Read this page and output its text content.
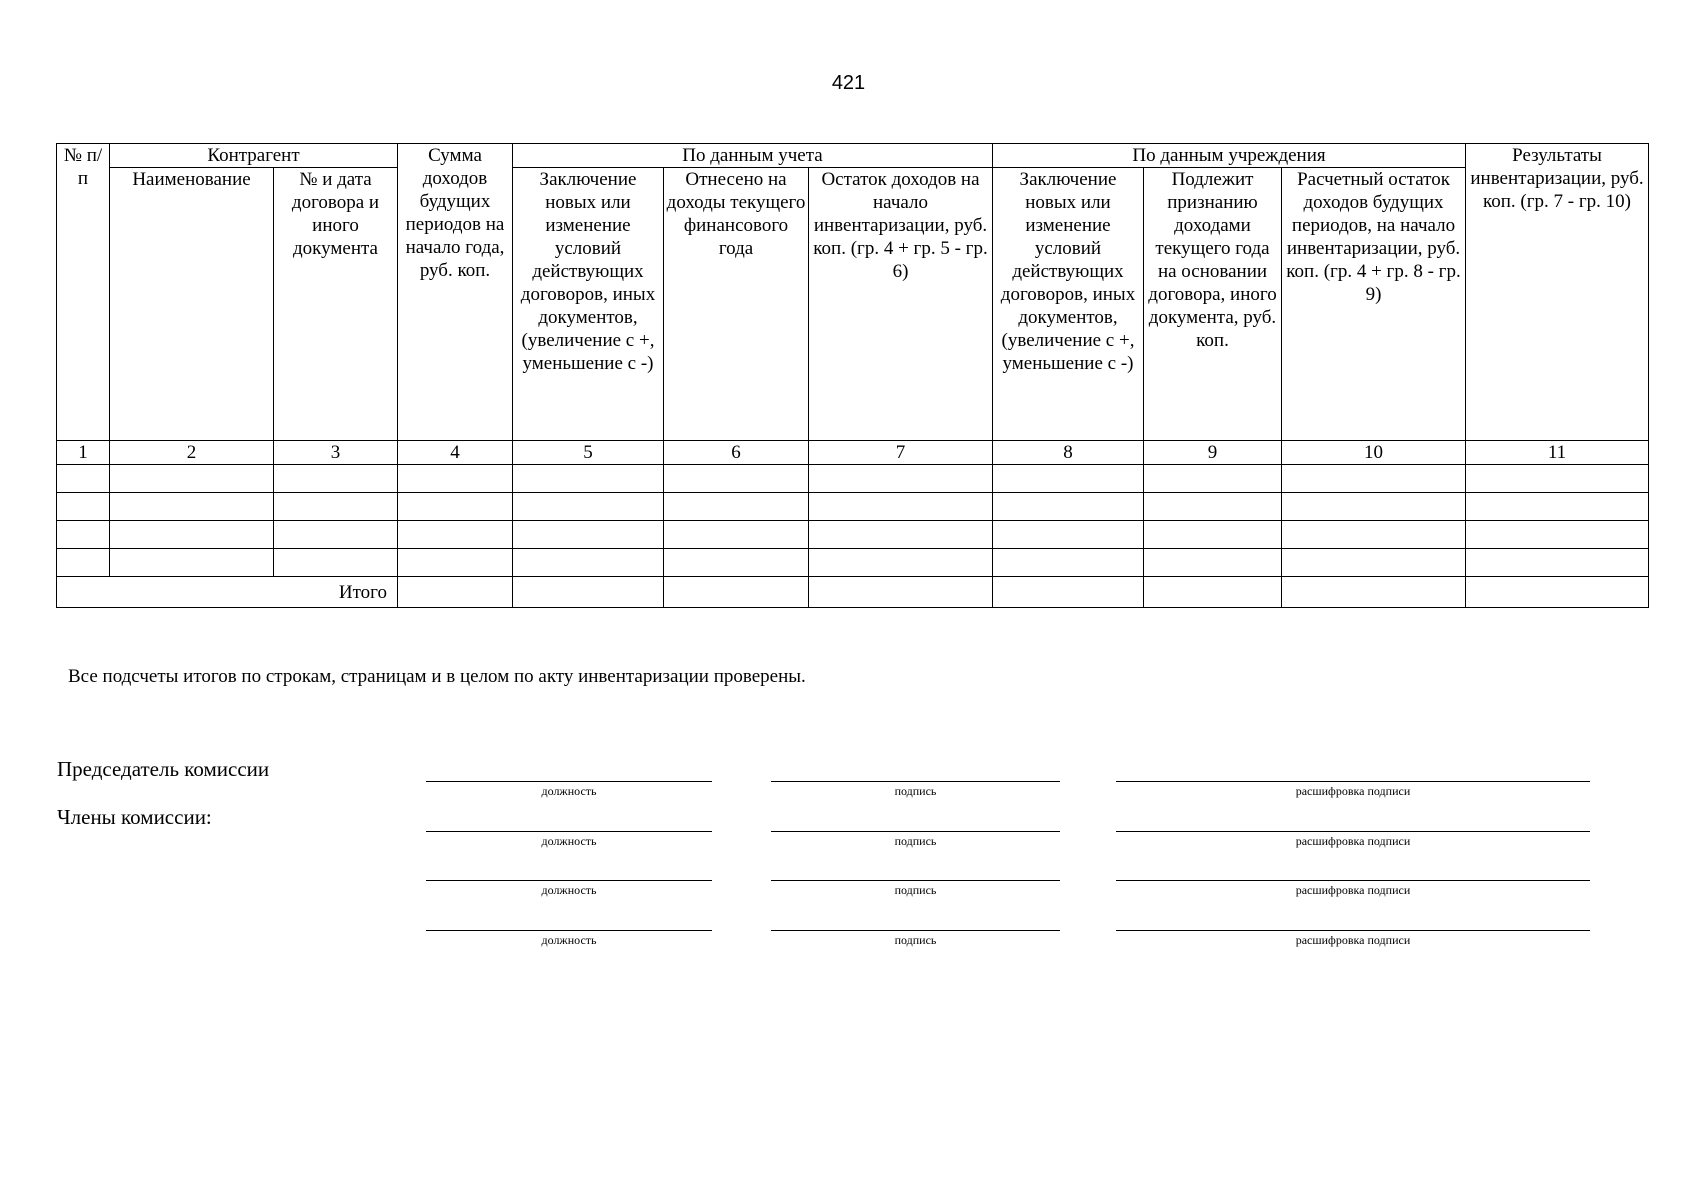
421
№ п/п	Контрагент		Сумма доходов будущих периодов на начало года, руб. коп.	По данным учета			По данным учреждения			Результаты инвентаризации, руб. коп. (гр. 7 - гр. 10)
	Наименование	№ и дата договора и иного документа		Заключение новых или изменение условий действующих договоров, иных документов, (увеличение с +, уменьшение с -)	Отнесено на доходы текущего финансового года	Остаток доходов на начало инвентаризации, руб. коп. (гр. 4 + гр. 5 - гр. 6)	Заключение новых или изменение условий действующих договоров, иных документов, (увеличение с +, уменьшение с -)	Подлежит признанию доходами текущего года на основании договора, иного документа, руб. коп.	Расчетный остаток доходов будущих периодов, на начало инвентаризации, руб. коп. (гр. 4 + гр. 8 - гр. 9)	
1	2	3	4	5	6	7	8	9	10	11

Итого										
Все подсчеты итогов по строкам, страницам и в целом по акту инвентаризации проверены.
Председатель комиссии
Члены комиссии:
должность	подпись	расшифровка подписи
должность	подпись	расшифровка подписи
должность	подпись	расшифровка подписи
должность	подпись	расшифровка подписи
